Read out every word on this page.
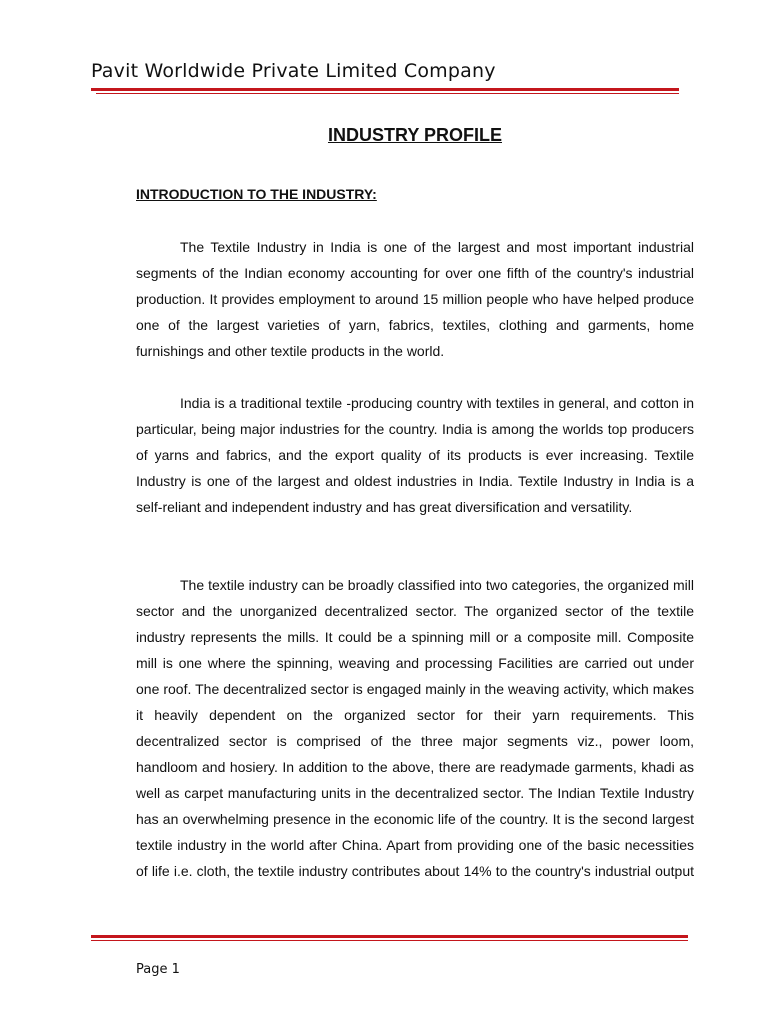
Pavit Worldwide Private Limited Company
INDUSTRY PROFILE
INTRODUCTION TO THE INDUSTRY:

The Textile Industry in India is one of the largest and most important industrial segments of the Indian economy accounting for over one fifth of the country's industrial production. It provides employment to around 15 million people who have helped produce one of the largest varieties of yarn, fabrics, textiles, clothing and garments, home furnishings and other textile products in the world.

India is a traditional textile -producing country with textiles in general, and cotton in particular, being major industries for the country. India is among the worlds top producers of yarns and fabrics, and the export quality of its products is ever increasing. Textile Industry is one of the largest and oldest industries in India. Textile Industry in India is a self-reliant and independent industry and has great diversification and versatility.

The textile industry can be broadly classified into two categories, the organized mill sector and the unorganized decentralized sector. The organized sector of the textile industry represents the mills. It could be a spinning mill or a composite mill. Composite mill is one where the spinning, weaving and processing Facilities are carried out under one roof. The decentralized sector is engaged mainly in the weaving activity, which makes it heavily dependent on the organized sector for their yarn requirements. This decentralized sector is comprised of the three major segments viz., power loom, handloom and hosiery. In addition to the above, there are readymade garments, khadi as well as carpet manufacturing units in the decentralized sector. The Indian Textile Industry has an overwhelming presence in the economic life of the country. It is the second largest textile industry in the world after China. Apart from providing one of the basic necessities of life i.e. cloth, the textile industry contributes about 14% to the country's industrial output

Page 1
